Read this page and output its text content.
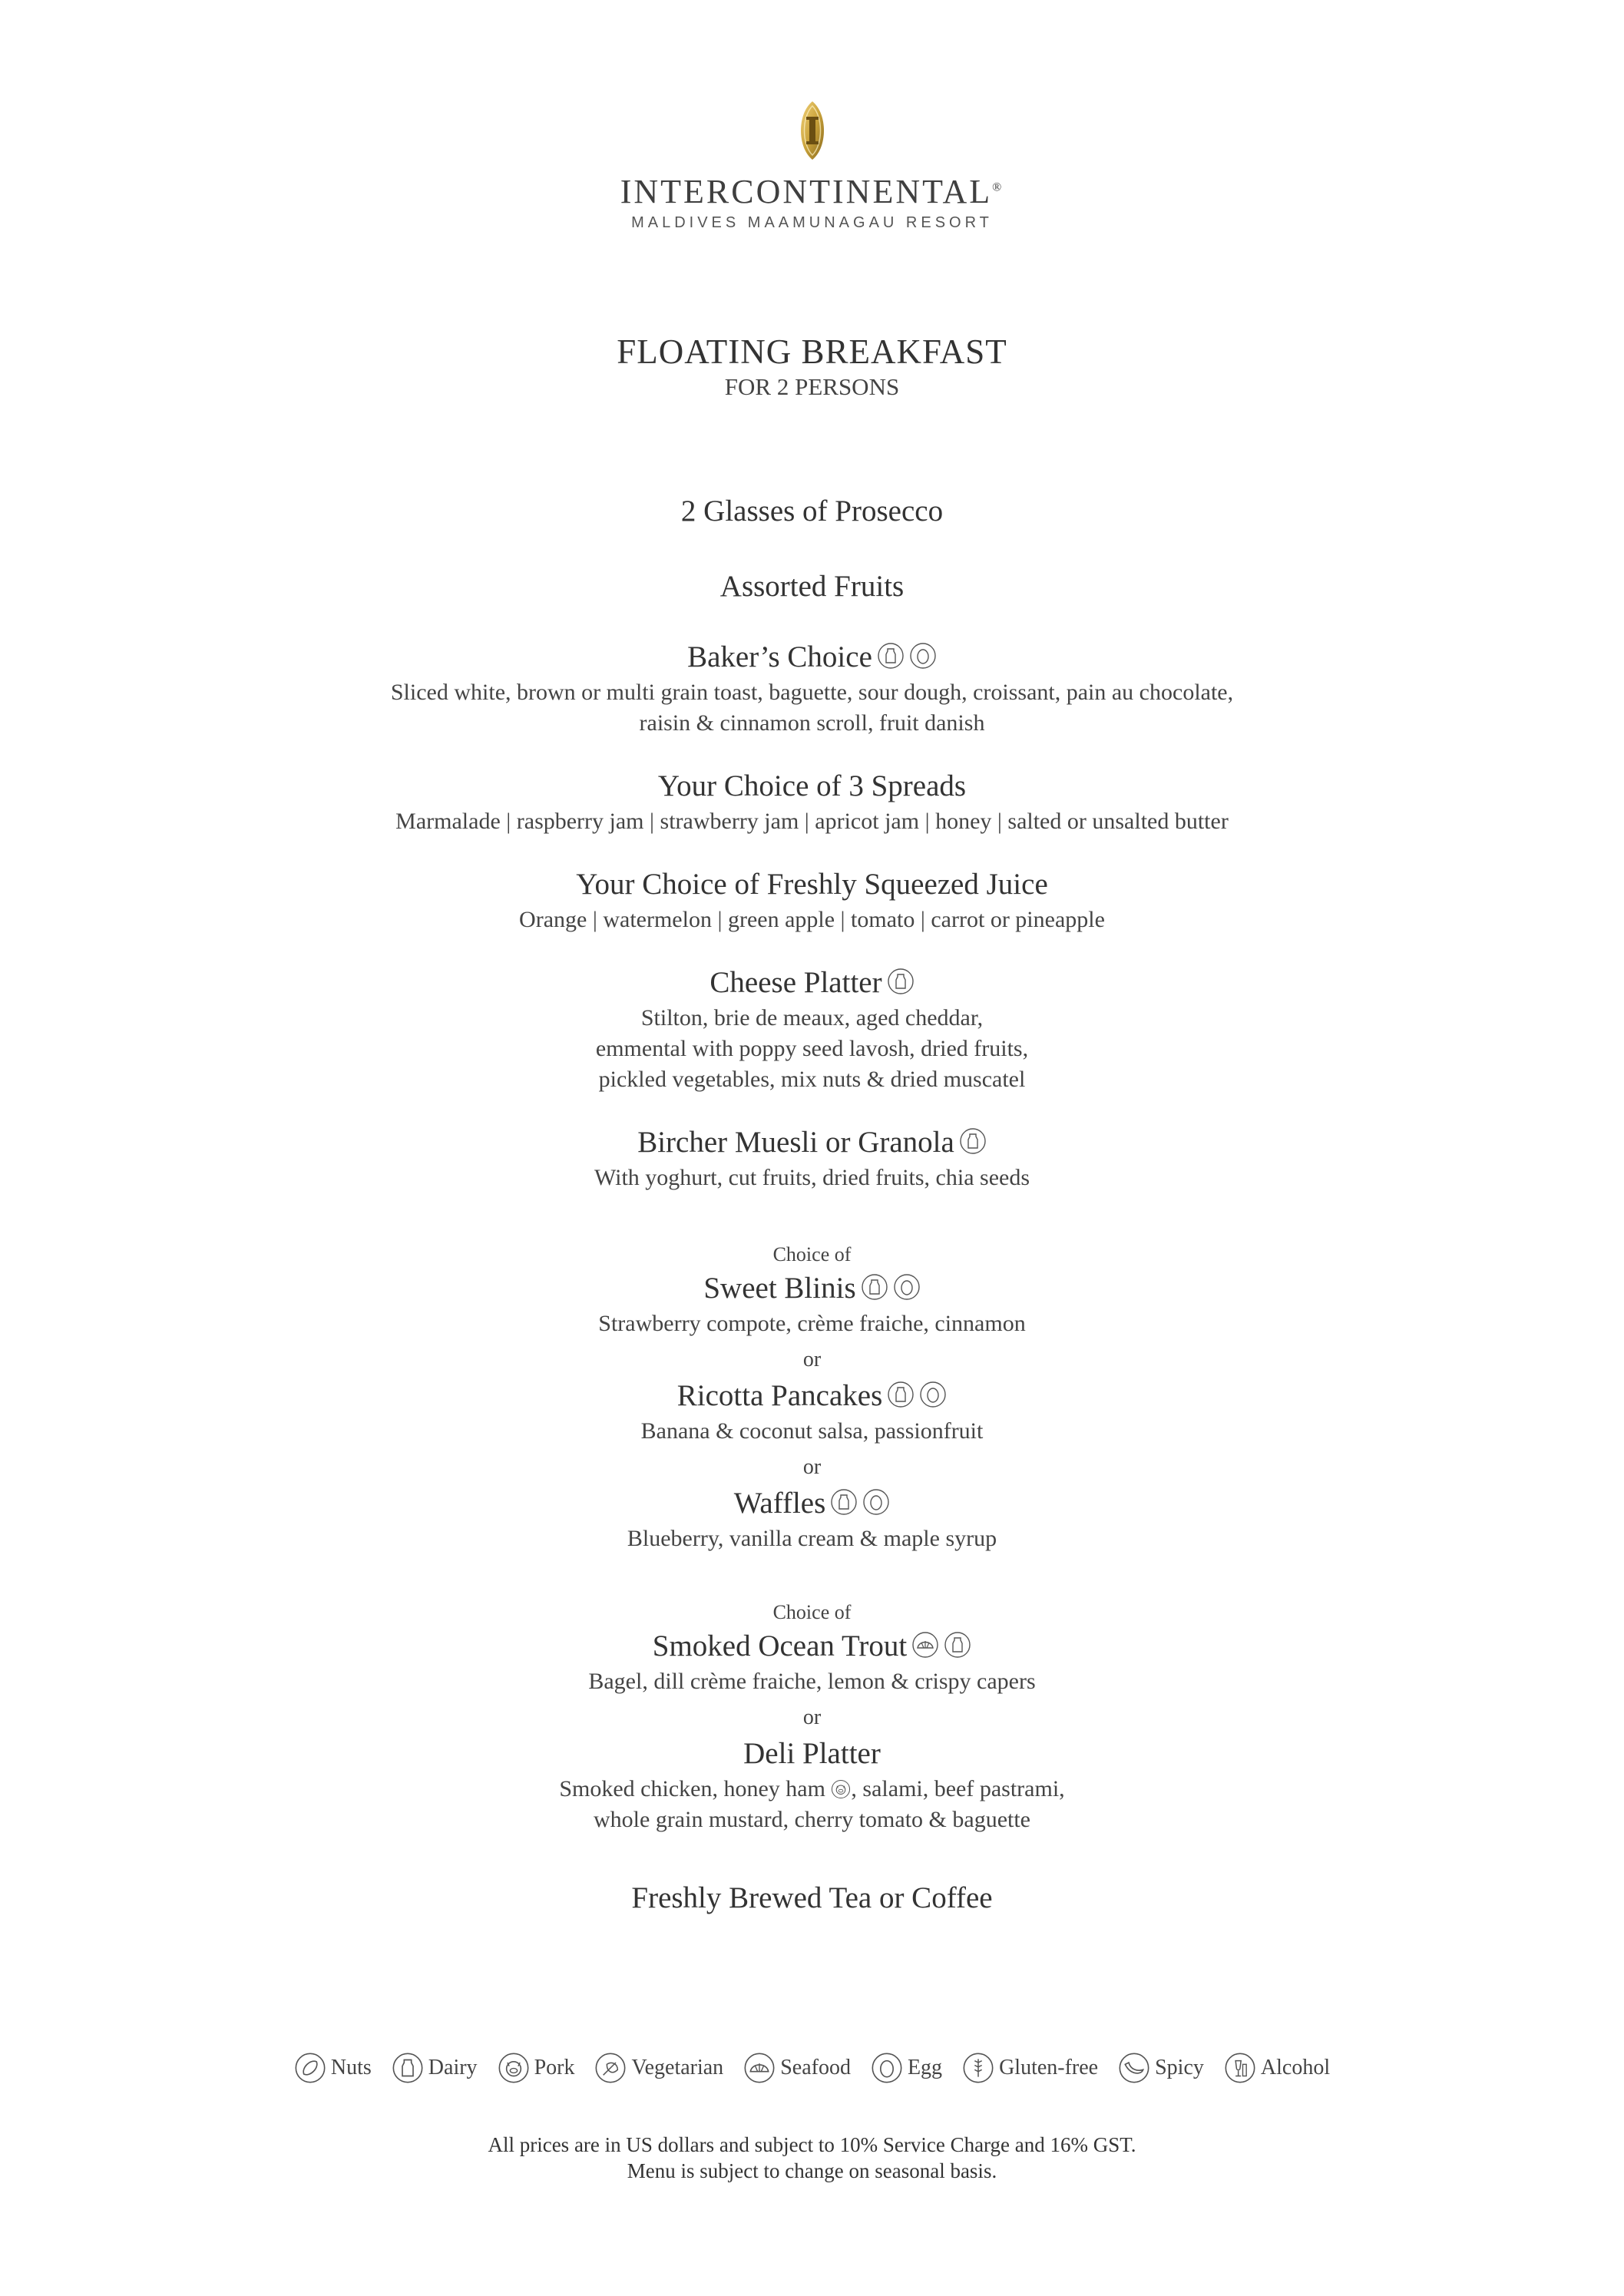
INTERCONTINENTAL®
MALDIVES MAAMUNAGAU RESORT
FLOATING BREAKFAST
FOR 2 PERSONS
2 Glasses of Prosecco
Assorted Fruits
Baker’s Choice
Sliced white, brown or multi grain toast, baguette, sour dough, croissant, pain au chocolate,
raisin & cinnamon scroll, fruit danish
Your Choice of 3 Spreads
Marmalade | raspberry jam | strawberry jam | apricot jam | honey | salted or unsalted butter
Your Choice of Freshly Squeezed Juice
Orange | watermelon | green apple | tomato | carrot or pineapple
Cheese Platter
Stilton, brie de meaux, aged cheddar,
emmental with poppy seed lavosh, dried fruits,
pickled vegetables, mix nuts & dried muscatel
Bircher Muesli or Granola
With yoghurt, cut fruits, dried fruits, chia seeds
Choice of
Sweet Blinis
Strawberry compote, crème fraiche, cinnamon
or
Ricotta Pancakes
Banana & coconut salsa, passionfruit
or
Waffles
Blueberry, vanilla cream & maple syrup
Choice of
Smoked Ocean Trout
Bagel, dill crème fraiche, lemon & crispy capers
or
Deli Platter
Smoked chicken, honey ham , salami, beef pastrami,
whole grain mustard, cherry tomato & baguette
Freshly Brewed Tea or Coffee
Nuts	Dairy	Pork	Vegetarian	Seafood	Egg	Gluten-free	Spicy	Alcohol
All prices are in US dollars and subject to 10% Service Charge and 16% GST.
Menu is subject to change on seasonal basis.
